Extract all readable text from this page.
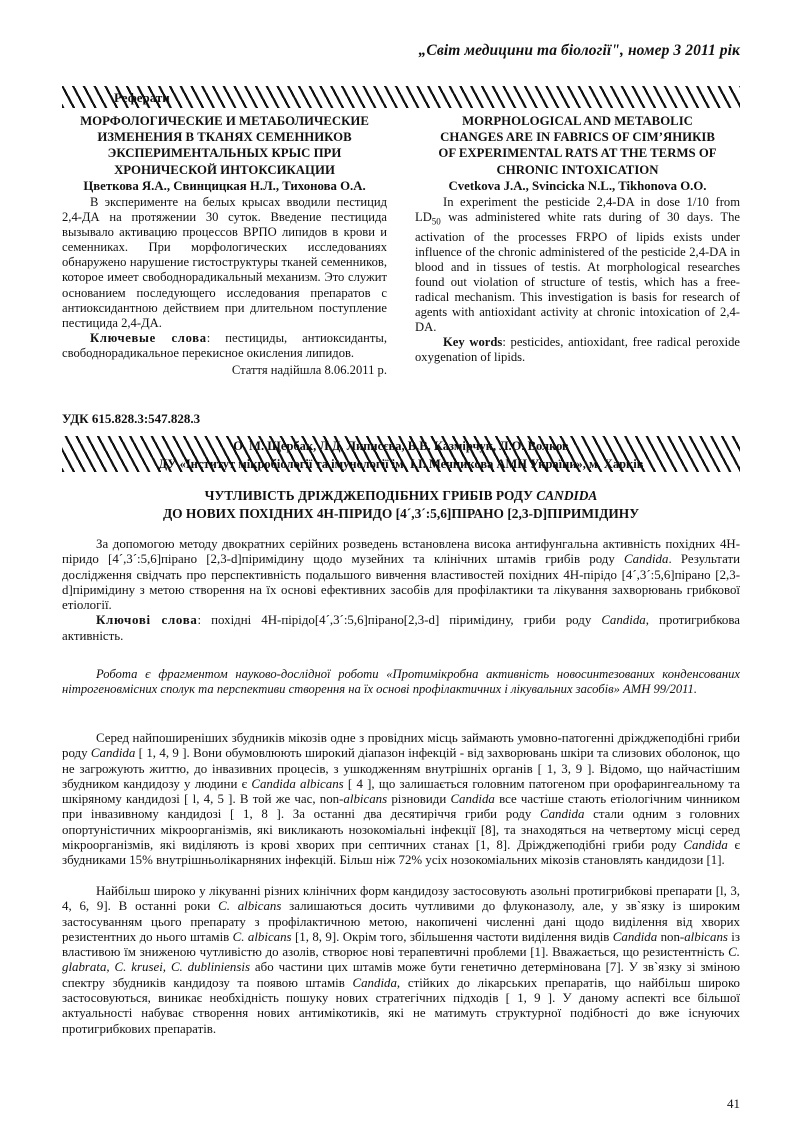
„Світ медицини та біології", номер 3 2011 рік
Реферати
МОРФОЛОГИЧЕСКИЕ И МЕТАБОЛИЧЕСКИЕ
ИЗМЕНЕНИЯ В ТКАНЯХ СЕМЕННИКОВ
ЭКСПЕРИМЕНТАЛЬНЫХ КРЫС ПРИ
ХРОНИЧЕСКОЙ ИНТОКСИКАЦИИ
Цветкова Я.А., Свинцицкая Н.Л., Тихонова О.А.

В эксперименте на белых крысах вводили пестицид 2,4-ДА на протяжении 30 суток. Введение пестицида вызывало активацию процессов ВРПО липидов в крови и семенниках. При морфологических исследованиях обнаружено нарушение гистоструктуры тканей семенников, которое имеет свободнорадикальный механизм. Это служит основанием последующего исследования препаратов с антиоксидантною действием при длительном поступление пестицида 2,4-ДА.

Ключевые слова: пестициды, антиоксиданты, свободнорадикальное перекисное окисления липидов.

Стаття надійшла 8.06.2011 р.

MORPHOLOGICAL AND METABOLIC
CHANGES ARE IN FABRICS OF CIM’ЯНИКІВ
OF EXPERIMENTAL RATS AT THE TERMS OF
CHRONIC INTOXICATION
Cvetkova J.A., Svincicka N.L., Tikhonova O.O.

In experiment the pesticide 2,4-DA in dose 1/10 from $LD_{50}$ was administered white rats during of 30 days. The activation of the processes FRPO of lipids exists under influence of the chronic administered of the pesticide 2,4-DA in blood and in tissues of testis. At morphological researches found out violation of structure of testis, which has a free-radical mechanism. This investigation is basis for research of agents with antioxidant activity at chronic intoxication of 2,4-DA.

Key words: pesticides, antioxidant, free radical peroxide oxygenation of lipids.

УДК 615.828.3:547.828.3
О. М. Щербак, Л.Д. Липисєва, В.В. Казмірчук, Л.О. Волков
ДУ «Інститут мікробіології та імунології ім. І.І. Мечникова АМН України», м. Харків
ЧУТЛИВІСТЬ ДРІЖДЖЕПОДІБНИХ ГРИБІВ РОДУ CANDIDA
ДО НОВИХ ПОХІДНИХ 4Н-ПІРИДО [4´,3´:5,6]ПІРАНО [2,3-D]ПІРИМІДИНУ

За допомогою методу двократних серійних розведень встановлена висока антифунгальна активність похідних 4Н-піридо [4´,3´:5,6]пірано [2,3-d]піримідину щодо музейних та клінічних штамів грибів роду Candida. Результати дослідження свідчать про перспективність подальшого вивчення властивостей похідних 4Н-пірідо [4´,3´:5,6]пірано [2,3-d]піримідину з метою створення на їх основі ефективних засобів для профілактики та лікування захворювань грибкової етіології.

Ключові слова: похідні 4Н-пірідо[4´,3´:5,6]пірано[2,3-d] піримідину, гриби роду Candida, протигрибкова активність.

Робота є фрагментом науково-дослідної роботи «Протимікробна активність новосинтезованих конденсованих нітрогеновмісних сполук та перспективи створення на їх основі профілактичних і лікувальних засобів» АМН 99/2011.

Серед найпоширеніших збудників мікозів одне з провідних місць займають умовно-патогенні дріжджеподібні гриби роду Candida [ 1, 4, 9 ]. Вони обумовлюють широкий діапазон інфекцій - від захворювань шкіри та слизових оболонок, що не загрожують життю, до інвазивних процесів, з ушкодженням внутрішніх органів [ 1, 3, 9 ]. Відомо, що найчастішим збудником кандидозу у людини є Candida albicans [ 4 ], що залишається головним патогеном при орофарингеальному та шкіряному кандидозі [ l, 4, 5 ]. В той же час, non-albicans різновиди Candida все частіше стають етіологічним чинником при інвазивному кандидозі [ 1, 8 ]. За останні два десятиріччя гриби роду Candida стали одним з головних опортуністичних мікроорганізмів, які викликають нозокоміальні інфекції [8], та знаходяться на четвертому місці серед мікроорганізмів, які виділяють із крові хворих при септичних станах [1, 8]. Дріжджеподібні гриби роду Candida є збудниками 15% внутрішньолікарняних інфекцій. Більш ніж 72% усіх нозокоміальних мікозів становлять кандидози [1].

Найбільш широко у лікуванні різних клінічних форм кандидозу застосовують азольні протигрибкові препарати [l, 3, 4, 6, 9]. В останні роки C. albicans залишаються досить чутливими до флуконазолу, але, у зв`язку із широким застосуванням цього препарату з профілактичною метою, накопичені численні дані щодо виділення від хворих резистентних до нього штамів C. albicans [1, 8, 9]. Окрім того, збільшення частоти виділення видів Candida non-albicans із властивою їм зниженою чутливістю до азолів, створює нові терапевтичні проблеми [1]. Вважається, що резистентність C. glabrata, C. krusei, C. dubliniensis або частини цих штамів може бути генетично детермінована [7]. У зв`язку зі зміною спектру збудників кандидозу та появою штамів Candida, стійких до лікарських препаратів, що найбільш широко застосовуються, виникає необхідність пошуку нових стратегічних підходів [ 1, 9 ]. У даному аспекті все більшої актуальності набуває створення нових антимікотиків, які не матимуть структурної подібності до вже існуючих протигрибкових препаратів.

41
